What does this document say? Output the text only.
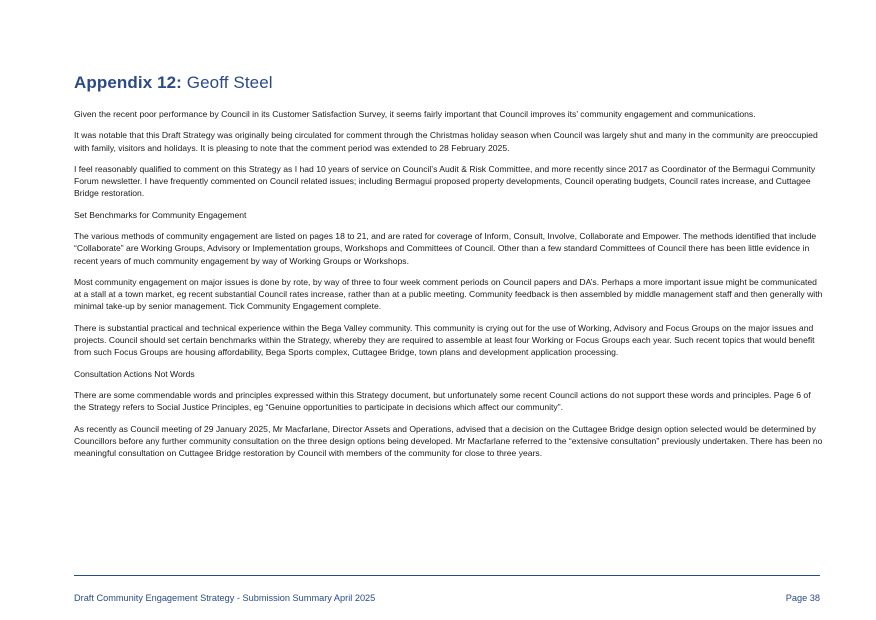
Appendix 12: Geoff Steel

Given the recent poor performance by Council in its Customer Satisfaction Survey, it seems fairly important that Council improves its’ community engagement and communications.

It was notable that this Draft Strategy was originally being circulated for comment through the Christmas holiday season when Council was largely shut and many in the community are preoccupied with family, visitors and holidays. It is pleasing to note that the comment period was extended to 28 February 2025.

I feel reasonably qualified to comment on this Strategy as I had 10 years of service on Council’s Audit & Risk Committee, and more recently since 2017 as Coordinator of the Bermagui Community Forum newsletter. I have frequently commented on Council related issues; including Bermagui proposed property developments, Council operating budgets, Council rates increase, and Cuttagee Bridge restoration.

Set Benchmarks for Community Engagement

The various methods of community engagement are listed on pages 18 to 21, and are rated for coverage of Inform, Consult, Involve, Collaborate and Empower. The methods identified that include “Collaborate” are Working Groups, Advisory or Implementation groups, Workshops and Committees of Council. Other than a few standard Committees of Council there has been little evidence in recent years of much community engagement by way of Working Groups or Workshops.

Most community engagement on major issues is done by rote, by way of three to four week comment periods on Council papers and DA’s. Perhaps a more important issue might be communicated at a stall at a town market, eg recent substantial Council rates increase, rather than at a public meeting. Community feedback is then assembled by middle management staff and then generally with minimal take-up by senior management. Tick Community Engagement complete.

There is substantial practical and technical experience within the Bega Valley community. This community is crying out for the use of Working, Advisory and Focus Groups on the major issues and projects. Council should set certain benchmarks within the Strategy, whereby they are required to assemble at least four Working or Focus Groups each year. Such recent topics that would benefit from such Focus Groups are housing affordability, Bega Sports complex, Cuttagee Bridge, town plans and development application processing.

Consultation Actions Not Words

There are some commendable words and principles expressed within this Strategy document, but unfortunately some recent Council actions do not support these words and principles. Page 6 of the Strategy refers to Social Justice Principles, eg “Genuine opportunities to participate in decisions which affect our community”.

As recently as Council meeting of 29 January 2025, Mr Macfarlane, Director Assets and Operations, advised that a decision on the Cuttagee Bridge design option selected would be determined by Councillors before any further community consultation on the three design options being developed. Mr Macfarlane referred to the “extensive consultation” previously undertaken. There has been no meaningful consultation on Cuttagee Bridge restoration by Council with members of the community for close to three years.

Draft Community Engagement Strategy - Submission Summary April 2025	Page 38
